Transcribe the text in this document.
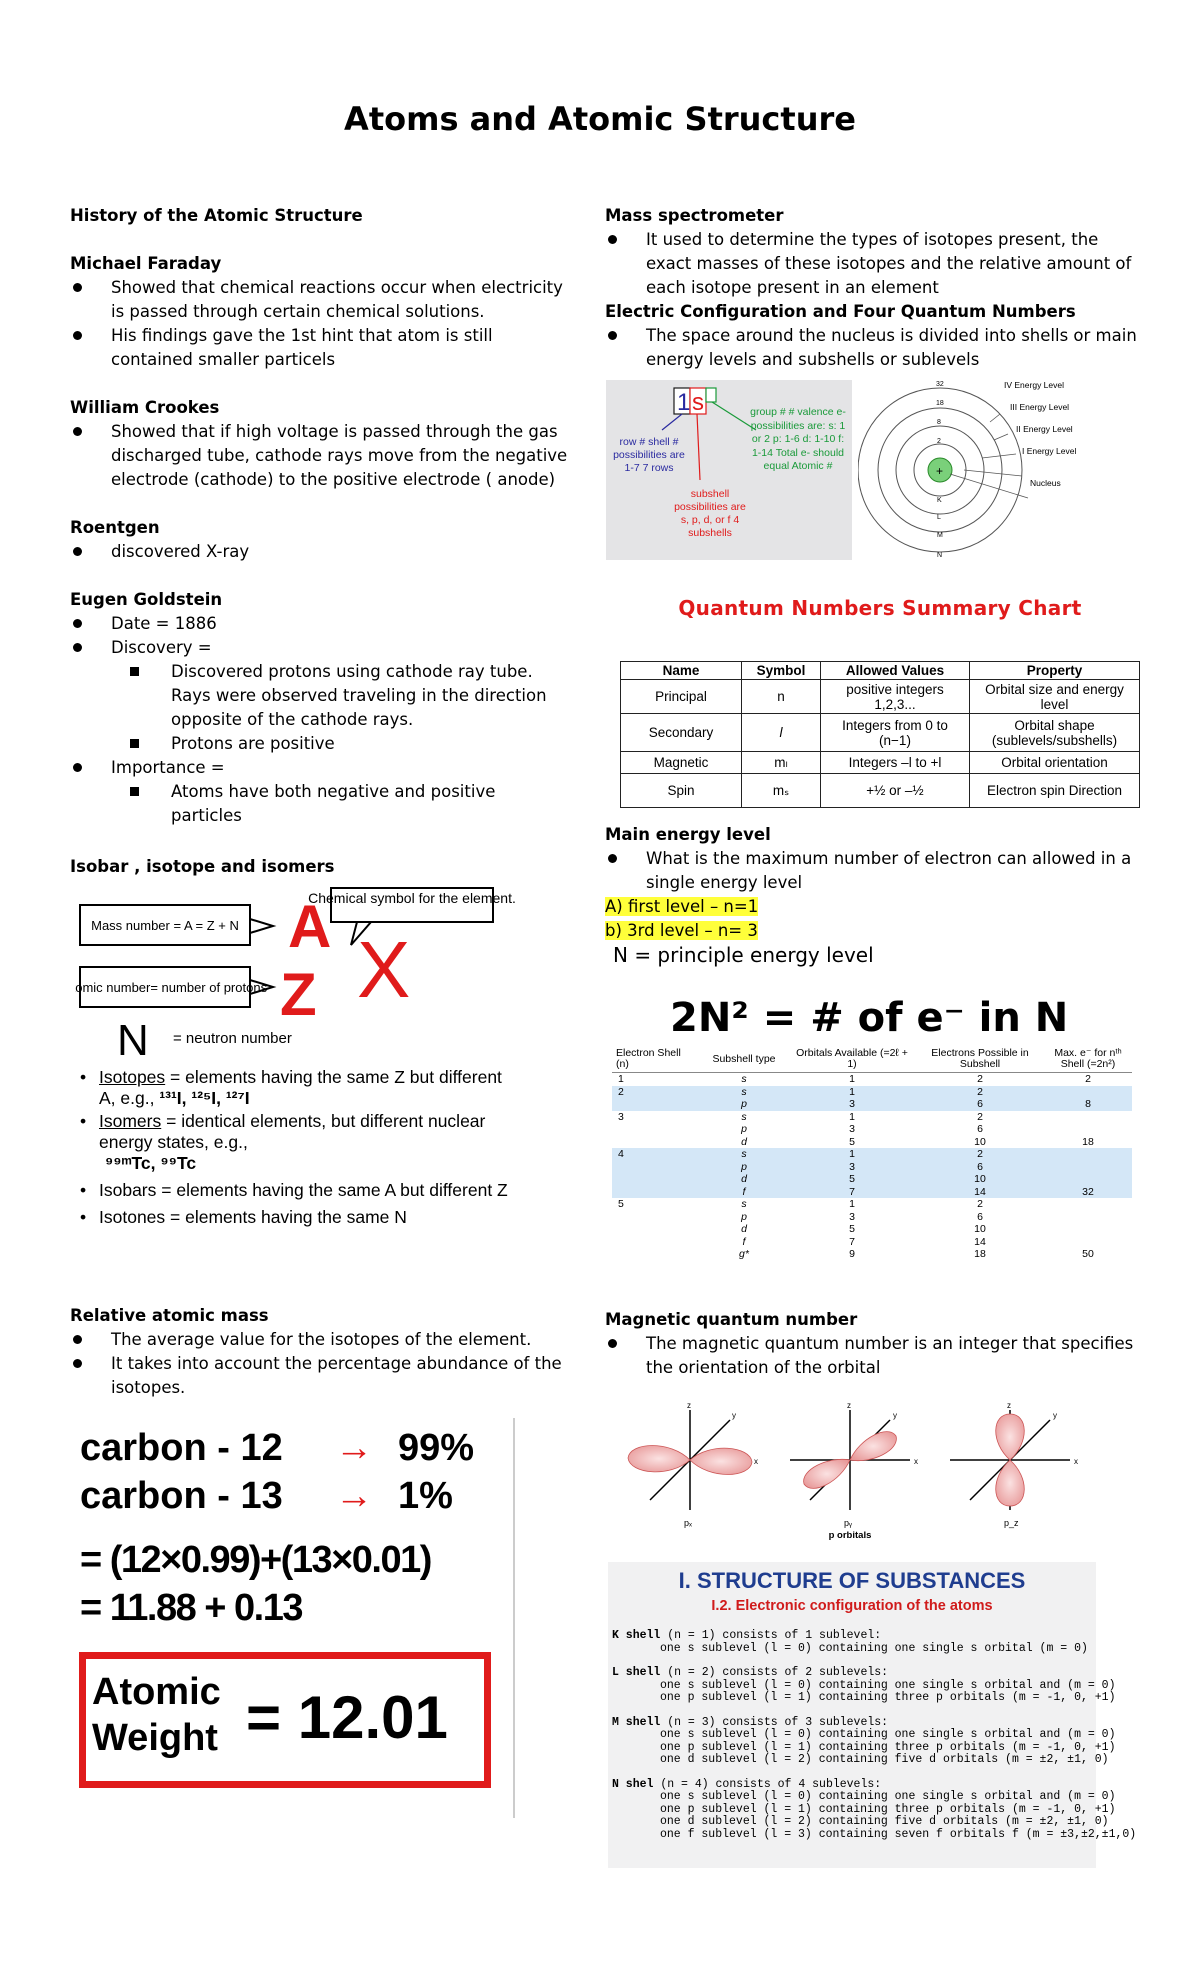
Atoms and Atomic Structure

History of the Atomic Structure

Michael Faraday

Showed that chemical reactions occur when electricity is passed through certain chemical solutions.
His findings gave the 1st hint that atom is still contained smaller particels

William Crookes

Showed that if high voltage is passed through the gas discharged tube, cathode rays move from the negative electrode (cathode) to the positive electrode ( anode)

Roentgen

discovered X-ray

Eugen Goldstein

Date = 1886
Discovery =
Discovered protons using cathode ray tube. Rays were observed traveling in the direction opposite of the cathode rays.
Protons are positive
Importance =
Atoms have both negative and positive particles

Isobar , isotope and isomers

Chemical symbol for the element.
Mass number = A = Z + N A X
Atomic number= number of protons Z
N = neutron number
• Isotopes = elements having the same Z but different A, e.g., ¹³¹I, ¹²⁵I, ¹²⁷I
• Isomers = identical elements, but different nuclear energy states, e.g.,
⁹⁹ᵐTc, ⁹⁹Tc
• Isobars = elements having the same A but different Z
• Isotones = elements having the same N

Relative atomic mass

The average value for the isotopes of the element.
It takes into account the percentage abundance of the isotopes.
carbon - 12 → 99%
carbon - 13 → 1%
= (12×0.99)+(13×0.01)
= 11.88 + 0.13
Atomic
Weight = 12.01

Mass spectrometer

It used to determine the types of isotopes present, the exact masses of these isotopes and the relative amount of each isotope present in an element

Electric Configuration and Four Quantum Numbers

The space around the nucleus is divided into shells or main energy levels and subshells or sublevels
1 s
row # shell # possibilities are 1-7 7 rows
group # # valence e- possibilities are: s: 1 or 2 p: 1-6 d: 1-10 f: 1-14 Total e- should equal Atomic #
subshell possibilities are s, p, d, or f 4 subshells
+
32
18
8
2
K
L
M
N
IV Energy Level
III Energy Level
II Energy Level
I Energy Level
Nucleus
Quantum Numbers Summary Chart
Name	Symbol	Allowed Values	Property
Principal	n	positive integers 1,2,3...	Orbital size and energy level
Secondary	l	Integers from 0 to (n−1)	Orbital shape (sublevels/subshells)
Magnetic	mₗ	Integers –l to +l	Orbital orientation
Spin	mₛ	+½ or –½	Electron spin Direction

Main energy level

What is the maximum number of electron can allowed in a single energy level
A) first level – n=1
b) 3rd level – n= 3
N = principle energy level
2N² = # of e⁻ in N
Electron Shell (n)	Subshell type	Orbitals Available (=2ℓ + 1)	Electrons Possible in Subshell	Max. e⁻ for nᵗʰ Shell (=2n²)
1	s	1	2	2
2	s	1	2	
	p	3	6	8
3	s	1	2	
	p	3	6	
	d	5	10	18
4	s	1	2	
	p	3	6	
	d	5	10	
	f	7	14	32
5	s	1	2	
	p	3	6	
	d	5	10	
	f	7	14	
	g*	9	18	50

Magnetic quantum number

The magnetic quantum number is an integer that specifies the orientation of the orbital
x
y
z
pₓ
x
y
z
pᵧ
x
y
z
p_z
p orbitals
I. STRUCTURE OF SUBSTANCES
I.2. Electronic configuration of the atoms
K shell (n = 1) consists of 1 sublevel:
one s sublevel (l = 0) containing one single s orbital (m = 0)
L shell (n = 2) consists of 2 sublevels:
one s sublevel (l = 0) containing one single s orbital and (m = 0)
one p sublevel (l = 1) containing three p orbitals (m = -1, 0, +1)
M shell (n = 3) consists of 3 sublevels:
one s sublevel (l = 0) containing one single s orbital and (m = 0)
one p sublevel (l = 1) containing three p orbitals (m = -1, 0, +1)
one d sublevel (l = 2) containing five d orbitals (m = ±2, ±1, 0)
N shel (n = 4) consists of 4 sublevels:
one s sublevel (l = 0) containing one single s orbital and (m = 0)
one p sublevel (l = 1) containing three p orbitals (m = -1, 0, +1)
one d sublevel (l = 2) containing five d orbitals (m = ±2, ±1, 0)
one f sublevel (l = 3) containing seven f orbitals f (m = ±3,±2,±1,0)
